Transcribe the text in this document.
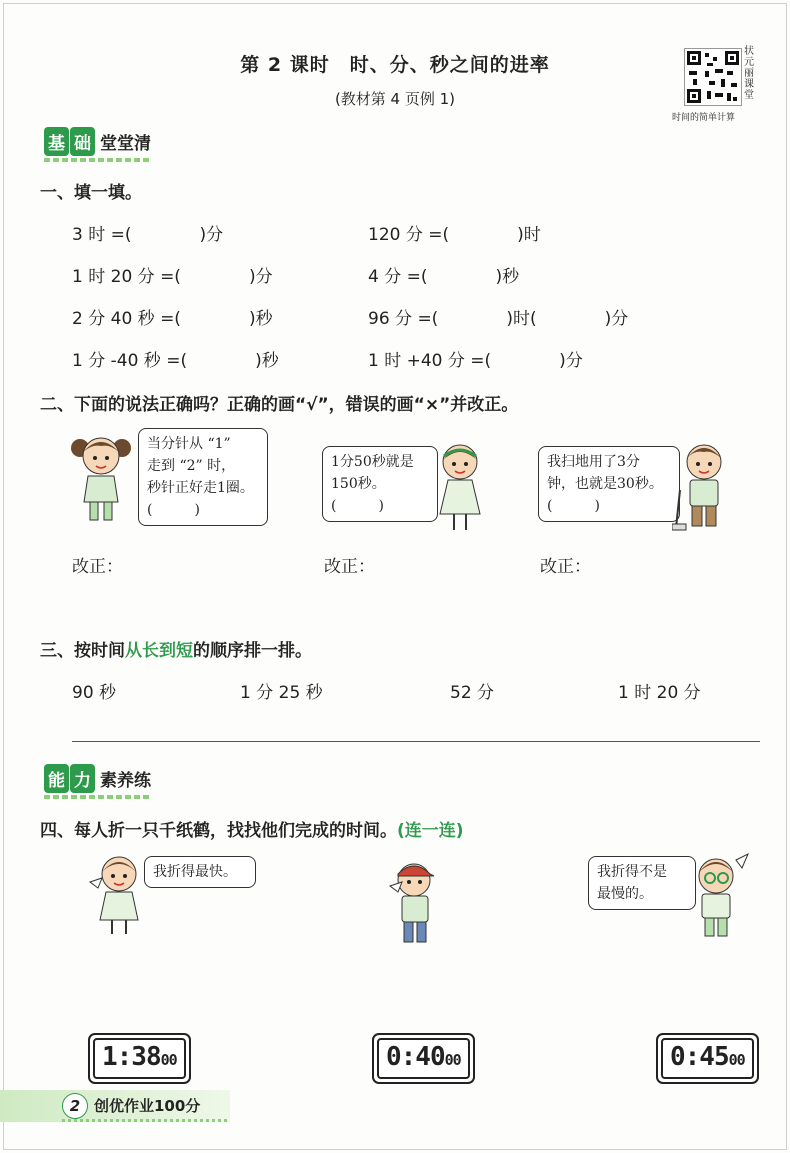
第 2 课时　时、分、秒之间的进率
(教材第 4 页例 1)
状元丽课堂
时间的简单计算
基 础 堂堂清
一、填一填。
3 时 =(　　　　)分	120 分 =(　　　　)时
1 时 20 分 =(　　　　)分	4 分 =(　　　　)秒
2 分 40 秒 =(　　　　)秒	96 分 =(　　　　)时(　　　　)分
1 分 -40 秒 =(　　　　)秒	1 时 +40 分 =(　　　　)分
二、下面的说法正确吗？正确的画“√”，错误的画“×”并改正。
当分针从 “1”
走到 “2” 时，
秒针正好走1圈。
(　　　)
1分50秒就是
150秒。
(　　　)
我扫地用了3分
钟，也就是30秒。
(　　　)
改正：	改正：	改正：
三、按时间从长到短的顺序排一排。
90 秒	1 分 25 秒	52 分	1 时 20 分
能 力 素养练
四、每人折一只千纸鹤，找找他们完成的时间。(连一连)
我折得最快。	我折得不是
最慢的。
1:3800	0:4000	0:4500
2 创优作业100分
